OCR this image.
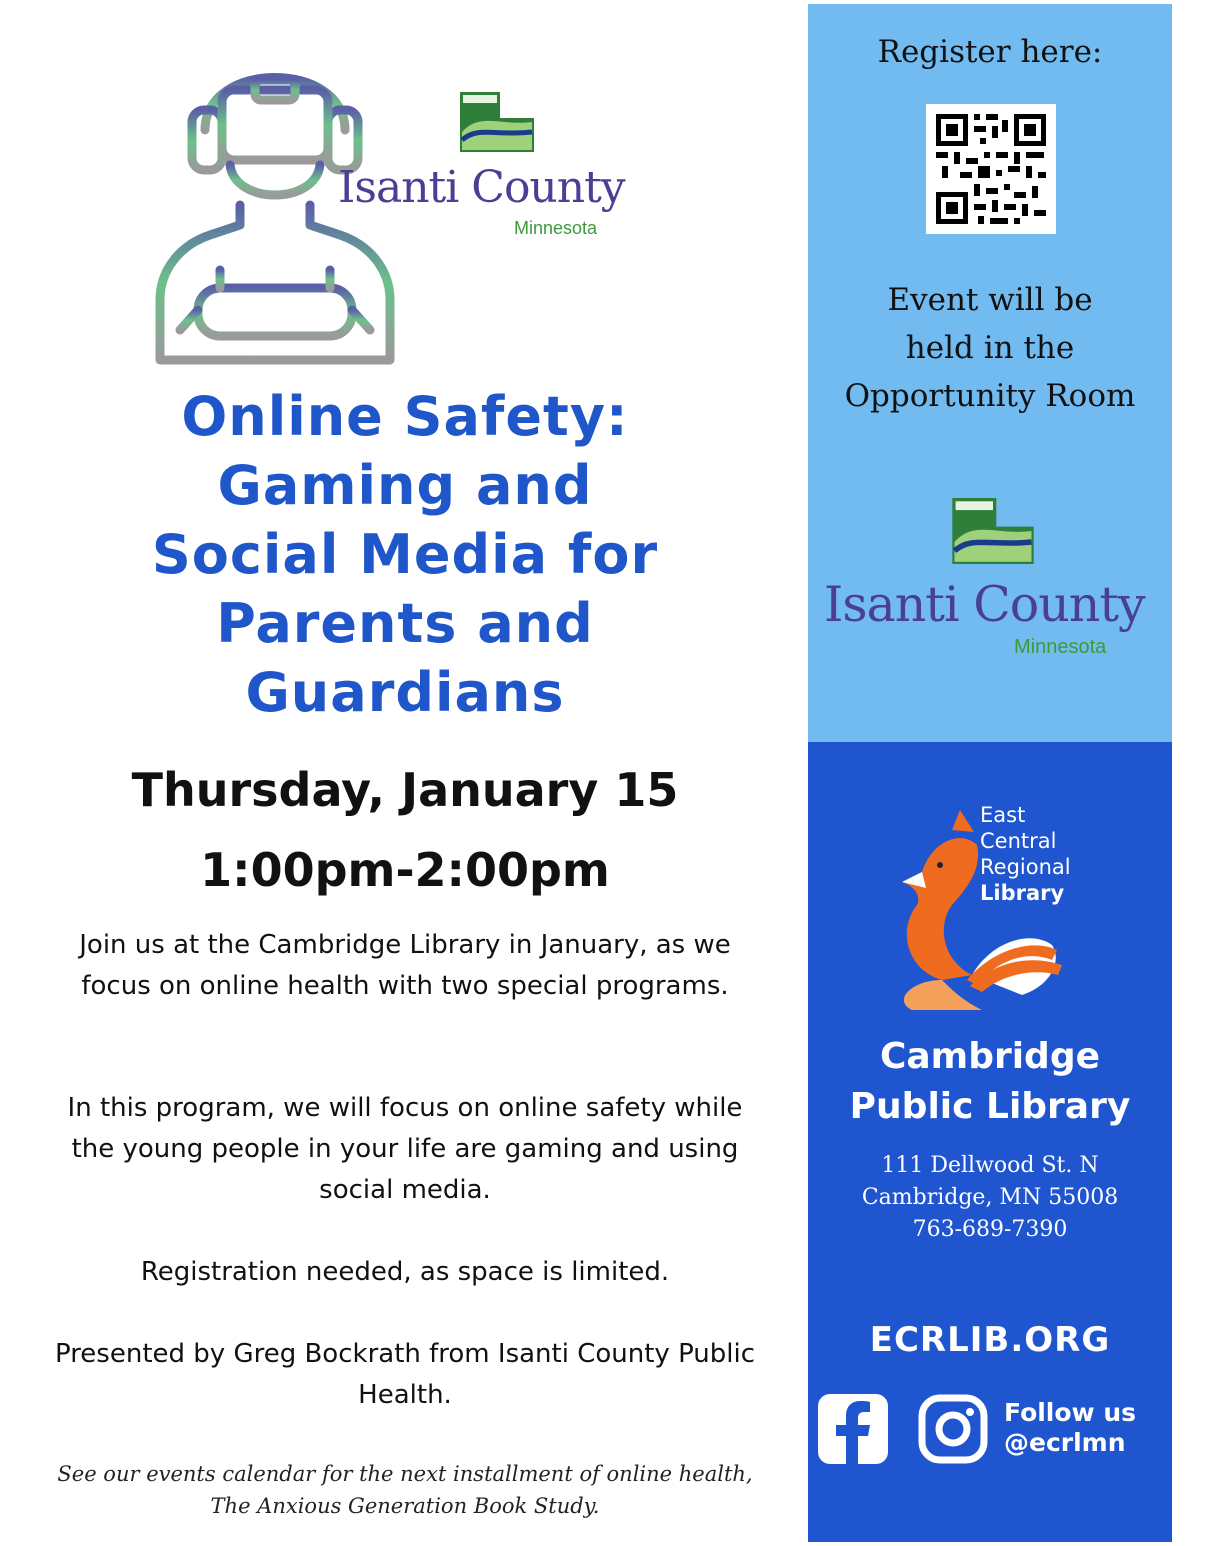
Isanti County
Minnesota
Online Safety:
Gaming and
Social Media for
Parents and
Guardians
Thursday, January 15
1:00pm-2:00pm
Join us at the Cambridge Library in January, as we focus on online health with two special programs.
In this program, we will focus on online safety while the young people in your life are gaming and using social media.
Registration needed, as space is limited.
Presented by Greg Bockrath from Isanti County Public Health.
See our events calendar for the next installment of online health, The Anxious Generation Book Study.
Register here:
Event will be
held in the
Opportunity Room
Isanti County
Minnesota
East
Central
Regional
Library
Cambridge
Public Library
111 Dellwood St. N
Cambridge, MN 55008
763-689-7390
ECRLIB.ORG
Follow us
@ecrlmn
